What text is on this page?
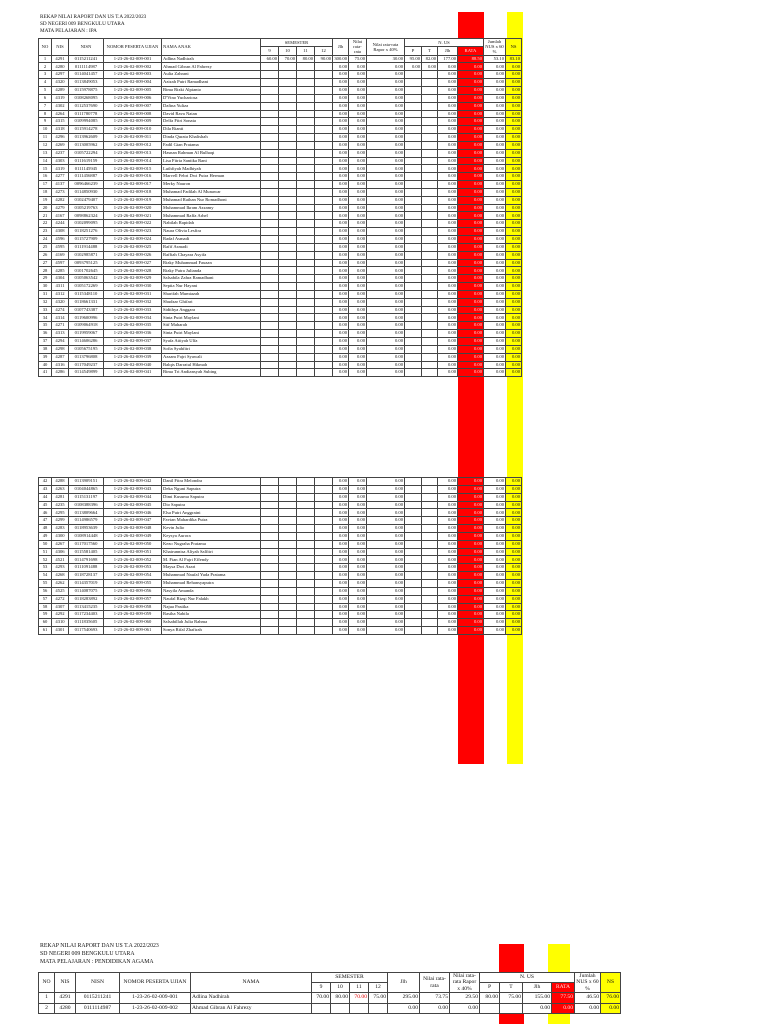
REKAP NILAI RAPORT DAN US T.A 2022/2023
SD NEGERI 009 BENGKULU UTARA
MATA PELAJARAN : IPA
NO	NIS	NISN	NOMOR PESERTA UJIAN	NAMA ANAK	SEMESTER				Jlh	Nilai rata-rata	Nilai rata-rata Rapor x 40%	N. US				Jumlah NUS x 60 %	NS
					9	10	11	12				P	T	Jlh	RATA		
1	4291	0115211241	1-23-26-02-009-001	Adlina Nadhirah	60.00	70.00	80.00	90.00	300.00	75.00	30.00	95.00	82.00	177.00	88.50	53.10	83.10
2	4280	0111114987	1-23-26-02-009-002	Ahmad Gibran Al Fahrezy					0.00	0.00	0.00	0.00	0.00	0.00	0.00	0.00	0.00
3	4297	0114041457	1-23-26-02-009-003	Aulia Zahrani					0.00	0.00	0.00			0.00	0.00	0.00	0.00
4	4320	0113849053	1-23-26-02-009-004	Azizah Putri Ramadhani					0.00	0.00	0.00			0.00	0.00	0.00	0.00
5	4289	0115978875	1-23-26-02-009-005	Bima Rizki Alpianto					0.00	0.00	0.00			0.00	0.00	0.00	0.00
6	4319	0108268095	1-23-26-02-009-006	D'Vino Yuchariosa					0.00	0.00	0.00			0.00	0.00	0.00	0.00
7	4302	0112537690	1-23-26-02-009-007	Dafina Yuliza					0.00	0.00	0.00			0.00	0.00	0.00	0.00
8	4264	0111780778	1-23-26-02-009-008	David Rava Natan					0.00	0.00	0.00			0.00	0.00	0.00	0.00
9	4315	0109994085	1-23-26-02-009-009	Delfa Fitri Sonata					0.00	0.00	0.00			0.00	0.00	0.00	0.00
10	4318	0115914278	1-23-26-02-009-010	Dila Rianti					0.00	0.00	0.00			0.00	0.00	0.00	0.00
11	4296	0113962609	1-23-26-02-009-011	Dinda Qurata Khalishah					0.00	0.00	0.00			0.00	0.00	0.00	0.00
12	4269	0113005962	1-23-26-02-009-012	Fadil Gian Pratama					0.00	0.00	0.00			0.00	0.00	0.00	0.00
13	4237	0105722294	1-23-26-02-009-013	Hasnan Rahman Al Bulhaqi					0.00	0.00	0.00			0.00	0.00	0.00	0.00
14	4303	0111619159	1-23-26-02-009-014	Lisa Fitria Santika Rani					0.00	0.00	0.00			0.00	0.00	0.00	0.00
15	4319	0111145945	1-23-26-02-009-015	Luthfiyah Madhiyah					0.00	0.00	0.00			0.00	0.00	0.00	0.00
16	4277	0111456887	1-23-26-02-009-016	Marvell Febri Dwi Putra Herman					0.00	0.00	0.00			0.00	0.00	0.00	0.00
17	4137	0096466239	1-23-26-02-009-017	Merky Nauron					0.00	0.00	0.00			0.00	0.00	0.00	0.00
18	4273	0114850930	1-23-26-02-009-018	Muhamad Fadilah Al Munawar					0.00	0.00	0.00			0.00	0.00	0.00	0.00
19	4282	0102479407	1-23-26-02-009-019	Muhamad Raihan Nur Romadhoni					0.00	0.00	0.00			0.00	0.00	0.00	0.00
20	4279	0105219763	1-23-26-02-009-020	Muhammad Ikram Azzamy					0.00	0.00	0.00			0.00	0.00	0.00	0.00
21	4167	0098862324	1-23-26-02-009-021	Muhammad Raffa Arhel					0.00	0.00	0.00			0.00	0.00	0.00	0.00
22	4244	0102099095	1-23-26-02-009-022	Nabilah Rapidah					0.00	0.00	0.00			0.00	0.00	0.00	0.00
23	4308	0118251276	1-23-26-02-009-023	Naura Olivia Lesfira					0.00	0.00	0.00			0.00	0.00	0.00	0.00
24	4596	0115727909	1-23-26-02-009-024	Radaf Asmadi					0.00	0.00	0.00			0.00	0.00	0.00	0.00
25	4595	0111914488	1-23-26-02-009-025	Rafif Asmadi					0.00	0.00	0.00			0.00	0.00	0.00	0.00
26	4169	0102985871	1-23-26-02-009-026	Raffiah Chayara Asyifa					0.00	0.00	0.00			0.00	0.00	0.00	0.00
27	4597	0093795125	1-23-26-02-009-027	Rizky Muhammad Fauzan					0.00	0.00	0.00			0.00	0.00	0.00	0.00
28	4285	0101702645	1-23-26-02-009-028	Rizky Putra Julianda					0.00	0.00	0.00			0.00	0.00	0.00	0.00
29	4304	0105063542	1-23-26-02-009-029	Salsabila Zahra Ramadhani					0.00	0.00	0.00			0.00	0.00	0.00	0.00
30	4311	0105172269	1-23-26-02-009-030	Septia Nur Hayani					0.00	0.00	0.00			0.00	0.00	0.00	0.00
31	4312	0115348110	1-23-26-02-009-031	Sharifah Mumtazah					0.00	0.00	0.00			0.00	0.00	0.00	0.00
32	4320	0118661331	1-23-26-02-009-032	Shudzar Ghifari					0.00	0.00	0.00			0.00	0.00	0.00	0.00
33	4274	0107743387	1-23-26-02-009-033	Sidithya Anggara					0.00	0.00	0.00			0.00	0.00	0.00	0.00
34	4314	0119600996	1-23-26-02-009-034	Sinta Putri Maylani					0.00	0.00	0.00			0.00	0.00	0.00	0.00
35	4271	0109064918	1-23-26-02-009-035	Sitf Maharah					0.00	0.00	0.00			0.00	0.00	0.00	0.00
36	4313	0119959067	1-23-26-02-009-036	Sinta Putri Maylani					0.00	0.00	0.00			0.00	0.00	0.00	0.00
37	4294	0114606286	1-23-26-02-009-037	Syafa Attiyah Ulfa					0.00	0.00	0.00			0.00	0.00	0.00	0.00
38	4298	0105675195	1-23-26-02-009-038	Sofia Syahfitri					0.00	0.00	0.00			0.00	0.00	0.00	0.00
39	4287	0113796808	1-23-26-02-009-039	Azzam Fajri Syawali					0.00	0.00	0.00			0.00	0.00	0.00	0.00
40	4316	0117049237	1-23-26-02-009-040	Balqis Darratul Hikmah					0.00	0.00	0.00			0.00	0.00	0.00	0.00
41	4286	0114549899	1-23-26-02-009-041	Bima Tri Andiansyah Subing					0.00	0.00	0.00			0.00	0.00	0.00	0.00
42	4288	0113909151	1-23-26-02-009-042	Danil Fitra Melondra					0.00	0.00	0.00			0.00	0.00	0.00	0.00
43	4263	0104044865	1-23-26-02-009-043	Deka Nguni Saputra					0.00	0.00	0.00			0.00	0.00	0.00	0.00
44	4281	0115131197	1-23-26-02-009-044	Dimi Kusuma Saputra					0.00	0.00	0.00			0.00	0.00	0.00	0.00
45	4235	0108388396	1-23-26-02-009-045	Dio Saputra					0.00	0.00	0.00			0.00	0.00	0.00	0.00
46	4295	0113809664	1-23-26-02-009-046	Elsa Putri Anggraini					0.00	0.00	0.00			0.00	0.00	0.00	0.00
47	4299	0114986579	1-23-26-02-009-047	Favian Mahardika Putra					0.00	0.00	0.00			0.00	0.00	0.00	0.00
48	4283	0118953639	1-23-26-02-009-048	Kevin Julio					0.00	0.00	0.00			0.00	0.00	0.00	0.00
49	4300	0108914448	1-23-26-02-009-049	Keysya Aurora					0.00	0.00	0.00			0.00	0.00	0.00	0.00
50	4267	0117017560	1-23-26-02-009-050	Kezo Nugraha Pratama					0.00	0.00	0.00			0.00	0.00	0.00	0.00
51	4306	0115581405	1-23-26-02-009-051	Khairunnisa Aliyah Salfitri					0.00	0.00	0.00			0.00	0.00	0.00	0.00
52	4521	0114791698	1-23-26-02-009-052	M. Fian Al Fajri Effendy					0.00	0.00	0.00			0.00	0.00	0.00	0.00
53	4293	0111091488	1-23-26-02-009-053	Maysa Dwi Azari					0.00	0.00	0.00			0.00	0.00	0.00	0.00
54	4268	0118728137	1-23-26-02-009-054	Muhammad Naufal Yuda Pratama					0.00	0.00	0.00			0.00	0.00	0.00	0.00
55	4262	0114357019	1-23-26-02-009-055	Muhammad Rehansyaputra					0.00	0.00	0.00			0.00	0.00	0.00	0.00
56	4525	0114087075	1-23-26-02-009-056	Nasyila Amanda					0.00	0.00	0.00			0.00	0.00	0.00	0.00
57	4272	0118283892	1-23-26-02-009-057	Naufal Rizqi Nur Falakh					0.00	0.00	0.00			0.00	0.00	0.00	0.00
58	4307	0113415235	1-23-26-02-009-058	Najua Pastika					0.00	0.00	0.00			0.00	0.00	0.00	0.00
59	4292	0117234403	1-23-26-02-009-059	Rasiha Nabila					0.00	0.00	0.00			0.00	0.00	0.00	0.00
60	4310	0111835605	1-23-26-02-009-060	Salsabillah Julia Rahma					0.00	0.00	0.00			0.00	0.00	0.00	0.00
61	4301	0117540693	1-23-26-02-009-061	Sonya Rifal Zhafirah					0.00	0.00	0.00			0.00	0.00	0.00	0.00
REKAP NILAI RAPORT DAN US T.A 2022/2023
SD NEGERI 009 BENGKULU UTARA
MATA PELAJARAN : PENDIDIKAN AGAMA
NO	NIS	NISN	NOMOR PESERTA UJIAN	NAMA	SEMESTER				Jlh	Nilai rata-rata	Nilai rata-rata Rapor x 40%	N. US				Jumlah NUS x 60 %	NS
					9	10	11	12				P	T	Jlh	RATA		
1	4291	0115211241	1-23-26-02-009-001	Adlina Nadhirah	70.00	80.00	70.00	75.00	295.00	73.75	29.50	80.00	75.00	155.00	77.50	46.50	76.00
2	4280	0111114987	1-23-26-02-009-002	Ahmad Gibran Al Fahrezy					0.00	0.00	0.00			0.00	0.00	0.00	0.00
